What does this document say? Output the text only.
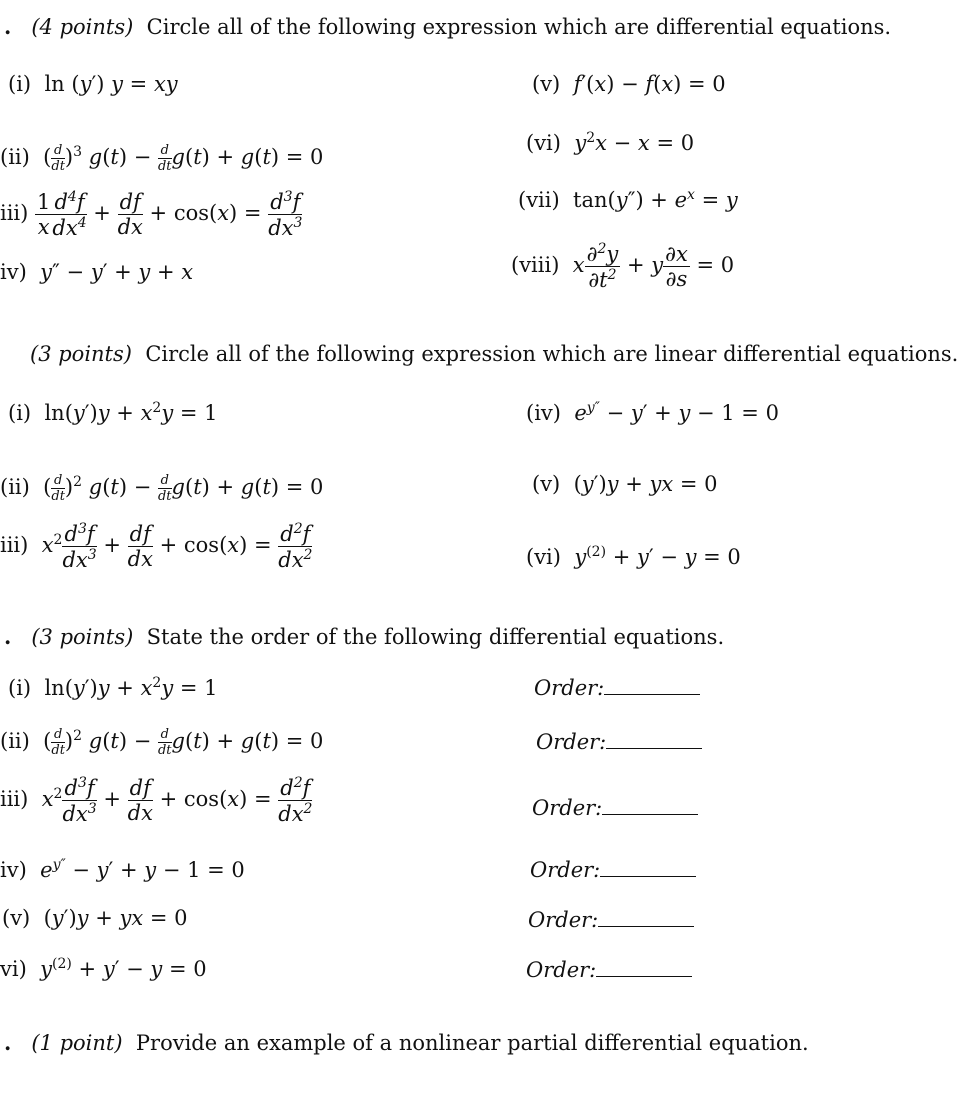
. (4 points) Circle all of the following expression which are differential equations.
(i) ln (y′) y = xy
(ii)  ( $\frac{d}{dt} )^3$ $g(t) - \frac{d}{dt} g(t) + g(t) = 0$
$iii) \frac{1}{x} \frac{d^4f}{dx^4} + \frac{df}{dx} + \cos(x) = \frac{d^3f}{dx^3}$
iv) y″ − y′ + y + x
(v) f′(x) − f(x) = 0
(vi) $y^2x - x = 0$
(vii)  $\tan(y'') + e^x = y$
(viii) x $\frac{\partial^2y}{\partial t^2} + y \frac{\partial x}{\partial s} = 0$
(3 points) Circle all of the following expression which are linear differential equations.
(i)  $\ln(y')y + x^2y = 1$
(ii)  ( $\frac{d}{dt} )^2$ $g(t) - \frac{d}{dt} g(t) + g(t) = 0$
iii) $x^2 \frac{d^3f}{dx^3} + \frac{df}{dx} + \cos(x) = \frac{d^2f}{dx^2}$
(iv) $e^{y''} - y' + y - 1 = 0$
(v)  (y′)y + yx = 0
(vi) $y^{(2)} + y' - y = 0$
. (3 points) State the order of the following differential equations.
(i)  $\ln(y')y + x^2y = 1$	Order:
(ii)  ( $\frac{d}{dt} )^2$ $g(t) - \frac{d}{dt} g(t) + g(t) = 0$	Order:
iii) $x^2 \frac{d^3f}{dx^3} + \frac{df}{dx} + \cos(x) = \frac{d^2f}{dx^2}$	Order:
iv) $e^{y''} - y' + y - 1 = 0$	Order:
(v)  (y′)y + yx = 0	Order:
vi) $y^{(2)} + y' - y = 0$	Order:
. (1 point) Provide an example of a nonlinear partial differential equation.
